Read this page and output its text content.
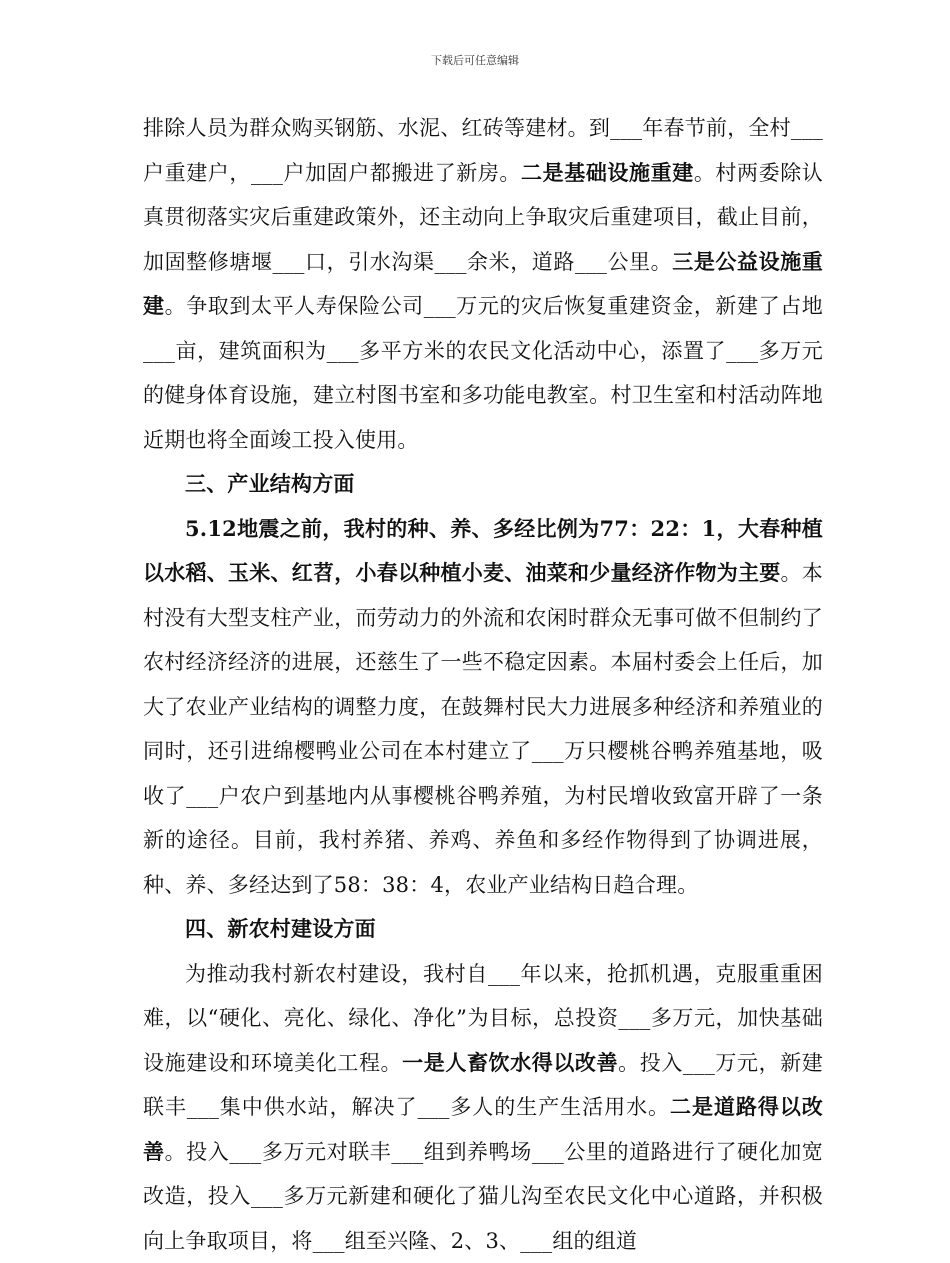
下载后可任意编辑

排除人员为群众购买钢筋、水泥、红砖等建材。到___年春节前，全村___户重建户，___户加固户都搬进了新房。二是基础设施重建。村两委除认真贯彻落实灾后重建政策外，还主动向上争取灾后重建项目，截止目前，加固整修塘堰___口，引水沟渠___余米，道路___公里。三是公益设施重建。争取到太平人寿保险公司___万元的灾后恢复重建资金，新建了占地___亩，建筑面积为___多平方米的农民文化活动中心，添置了___多万元的健身体育设施，建立村图书室和多功能电教室。村卫生室和村活动阵地近期也将全面竣工投入使用。

三、产业结构方面

5.12地震之前，我村的种、养、多经比例为77：22：1，大春种植以水稻、玉米、红苕，小春以种植小麦、油菜和少量经济作物为主要。本村没有大型支柱产业，而劳动力的外流和农闲时群众无事可做不但制约了农村经济经济的进展，还慈生了一些不稳定因素。本届村委会上任后，加大了农业产业结构的调整力度，在鼓舞村民大力进展多种经济和养殖业的同时，还引进绵樱鸭业公司在本村建立了___万只樱桃谷鸭养殖基地，吸收了___户农户到基地内从事樱桃谷鸭养殖，为村民增收致富开辟了一条新的途径。目前，我村养猪、养鸡、养鱼和多经作物得到了协调进展，种、养、多经达到了58：38：4，农业产业结构日趋合理。

四、新农村建设方面

为推动我村新农村建设，我村自___年以来，抢抓机遇，克服重重困难，以“硬化、亮化、绿化、净化”为目标，总投资___多万元，加快基础设施建设和环境美化工程。一是人畜饮水得以改善。投入___万元，新建联丰___集中供水站，解决了___多人的生产生活用水。二是道路得以改善。投入___多万元对联丰___组到养鸭场___公里的道路进行了硬化加宽改造，投入___多万元新建和硬化了猫儿沟至农民文化中心道路，并积极向上争取项目，将___组至兴隆、2、3、___组的组道
